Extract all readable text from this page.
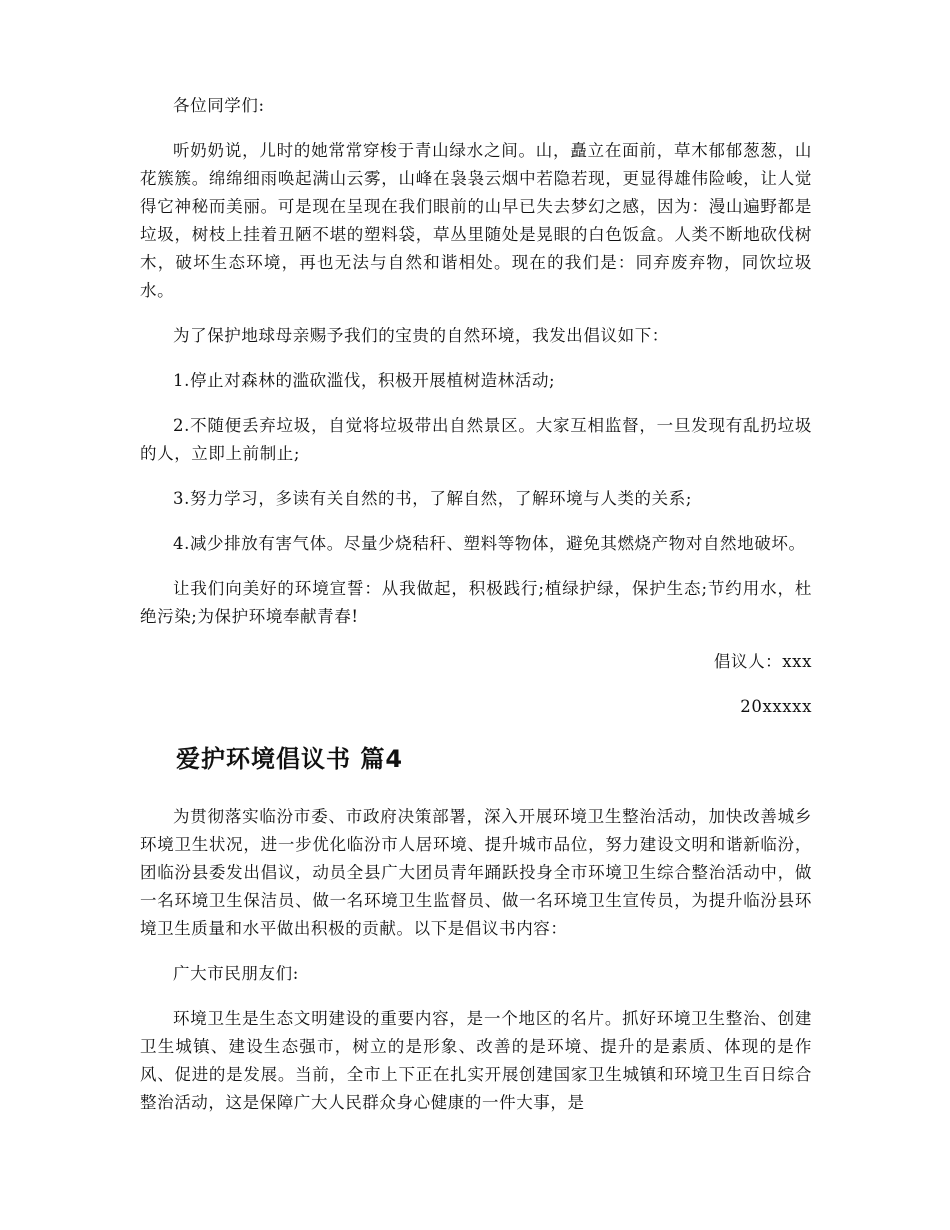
各位同学们:

听奶奶说，儿时的她常常穿梭于青山绿水之间。山，矗立在面前，草木郁郁葱葱，山花簇簇。绵绵细雨唤起满山云雾，山峰在袅袅云烟中若隐若现，更显得雄伟险峻，让人觉得它神秘而美丽。可是现在呈现在我们眼前的山早已失去梦幻之感，因为：漫山遍野都是垃圾，树枝上挂着丑陋不堪的塑料袋，草丛里随处是晃眼的白色饭盒。人类不断地砍伐树木，破坏生态环境，再也无法与自然和谐相处。现在的我们是：同弃废弃物，同饮垃圾水。

为了保护地球母亲赐予我们的宝贵的自然环境，我发出倡议如下：

1.停止对森林的滥砍滥伐，积极开展植树造林活动;

2.不随便丢弃垃圾，自觉将垃圾带出自然景区。大家互相监督，一旦发现有乱扔垃圾的人，立即上前制止;

3.努力学习，多读有关自然的书，了解自然，了解环境与人类的关系;

4.减少排放有害气体。尽量少烧秸秆、塑料等物体，避免其燃烧产物对自然地破坏。

让我们向美好的环境宣誓：从我做起，积极践行;植绿护绿，保护生态;节约用水，杜绝污染;为保护环境奉献青春!

倡议人：xxx

20xxxxx

爱护环境倡议书 篇4

为贯彻落实临汾市委、市政府决策部署，深入开展环境卫生整治活动，加快改善城乡环境卫生状况，进一步优化临汾市人居环境、提升城市品位，努力建设文明和谐新临汾，团临汾县委发出倡议，动员全县广大团员青年踊跃投身全市环境卫生综合整治活动中，做一名环境卫生保洁员、做一名环境卫生监督员、做一名环境卫生宣传员，为提升临汾县环境卫生质量和水平做出积极的贡献。以下是倡议书内容：

广大市民朋友们:

环境卫生是生态文明建设的重要内容，是一个地区的名片。抓好环境卫生整治、创建卫生城镇、建设生态强市，树立的是形象、改善的是环境、提升的是素质、体现的是作风、促进的是发展。当前，全市上下正在扎实开展创建国家卫生城镇和环境卫生百日综合整治活动，这是保障广大人民群众身心健康的一件大事，是
